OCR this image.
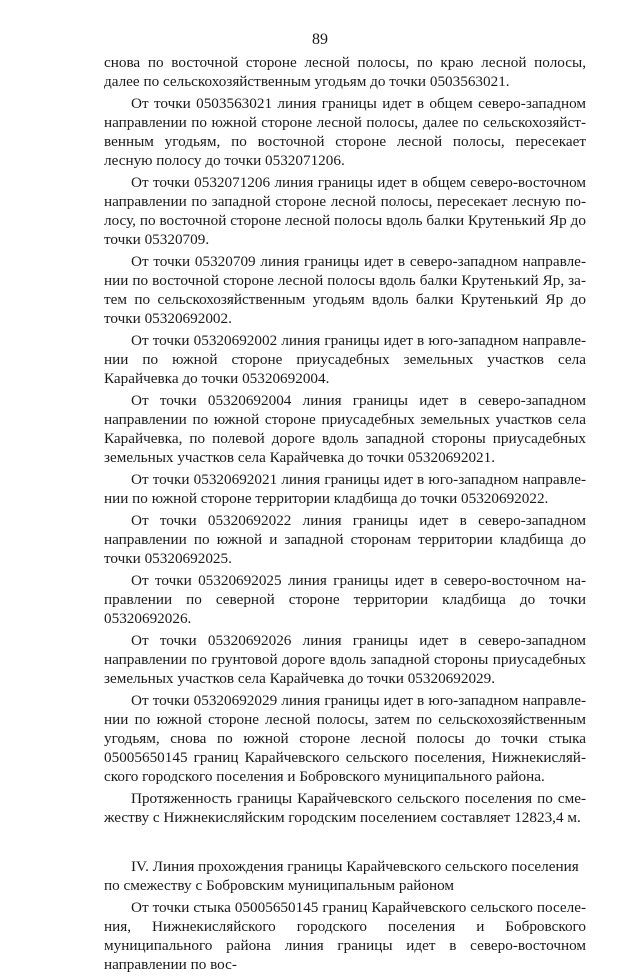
89

снова по восточной стороне лесной полосы, по краю лесной полосы, далее по сельскохозяйственным угодьям до точки 0503563021.

От точки 0503563021 линия границы идет в общем северо-западном направлении по южной стороне лесной полосы, далее по сельскохозяйственным угодьям, по восточной стороне лесной полосы, пересекает лесную полосу до точки 0532071206.

От точки 0532071206 линия границы идет в общем северо-восточном направлении по западной стороне лесной полосы, пересекает лесную полосу, по восточной стороне лесной полосы вдоль балки Крутенький Яр до точки 05320709.

От точки 05320709 линия границы идет в северо-западном направлении по восточной стороне лесной полосы вдоль балки Крутенький Яр, затем по сельскохозяйственным угодьям вдоль балки Крутенький Яр до точки 05320692002.

От точки 05320692002 линия границы идет в юго-западном направлении по южной стороне приусадебных земельных участков села Карайчевка до точки 05320692004.

От точки 05320692004 линия границы идет в северо-западном направлении по южной стороне приусадебных земельных участков села Карайчевка, по полевой дороге вдоль западной стороны приусадебных земельных участков села Карайчевка до точки 05320692021.

От точки 05320692021 линия границы идет в юго-западном направлении по южной стороне территории кладбища до точки 05320692022.

От точки 05320692022 линия границы идет в северо-западном направлении по южной и западной сторонам территории кладбища до точки 05320692025.

От точки 05320692025 линия границы идет в северо-восточном направлении по северной стороне территории кладбища до точки 05320692026.

От точки 05320692026 линия границы идет в северо-западном направлении по грунтовой дороге вдоль западной стороны приусадебных земельных участков села Карайчевка до точки 05320692029.

От точки 05320692029 линия границы идет в юго-западном направлении по южной стороне лесной полосы, затем по сельскохозяйственным угодьям, снова по южной стороне лесной полосы до точки стыка 05005650145 границ Карайчевского сельского поселения, Нижнекисляйского городского поселения и Бобровского муниципального района.

Протяженность границы Карайчевского сельского поселения по смежеству с Нижнекисляйским городским поселением составляет 12823,4 м.

IV. Линия прохождения границы Карайчевского сельского поселения по смежеству с Бобровским муниципальным районом

От точки стыка 05005650145 границ Карайчевского сельского поселения, Нижнекисляйского городского поселения и Бобровского муниципального района линия границы идет в северо-восточном направлении по вос-
